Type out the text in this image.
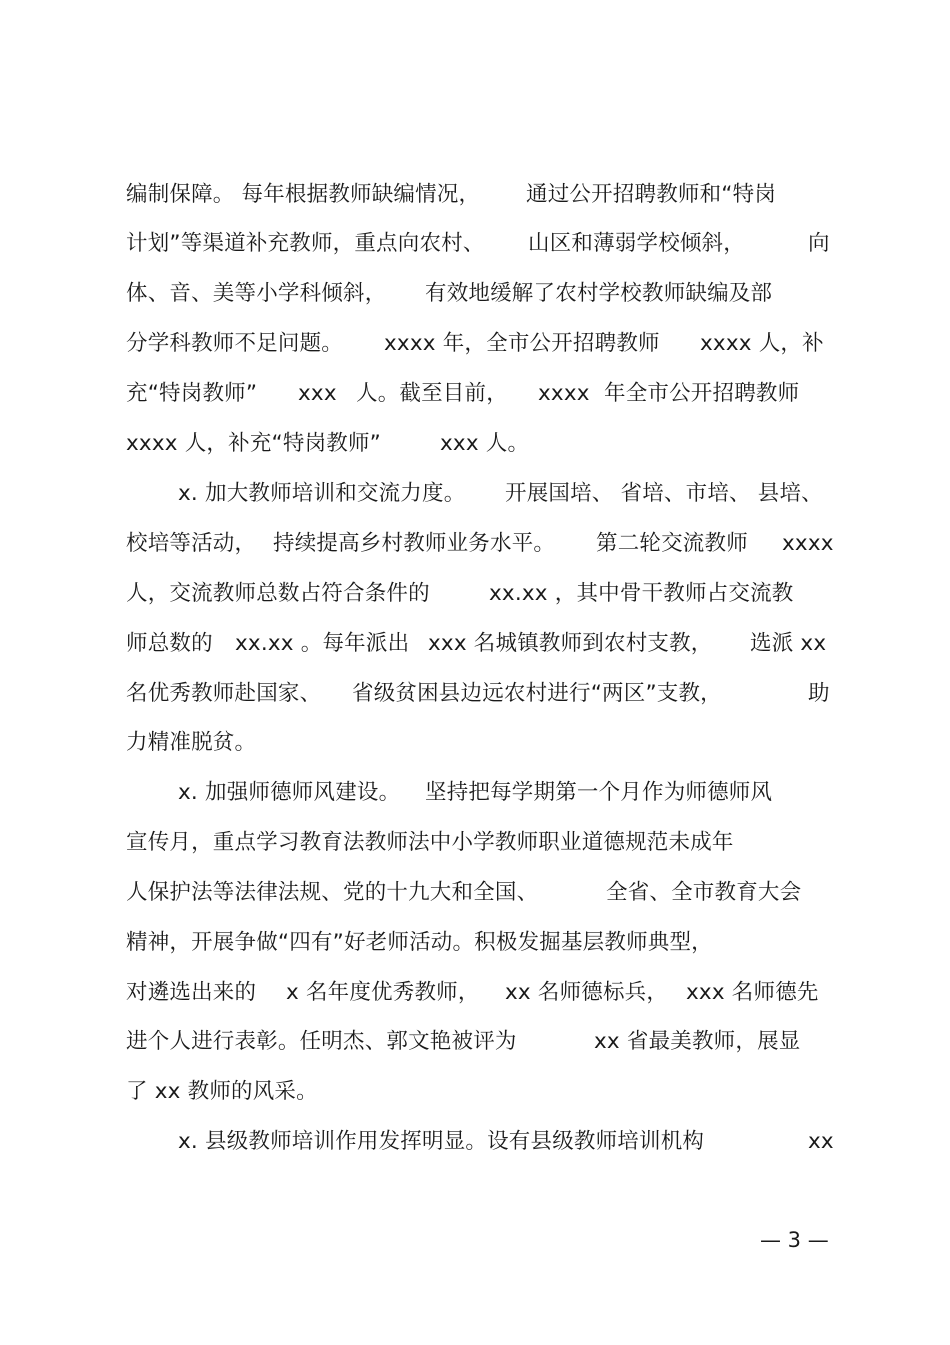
编制保障。 每年根据教师缺编情况，

通过公开招聘教师和“特岗

计划”等渠道补充教师，重点向农村、

山区和薄弱学校倾斜，

	向

体、音、美等小学科倾斜，

有效地缓解了农村学校教师缺编及部

分学科教师不足问题。

xxxx 年，全市公开招聘教师

xxxx 人，补

充“特岗教师”

xxx

人。截至目前，

xxxx

年全市公开招聘教师

xxxx 人，补充“特岗教师”

	xxx 人。

x. 加大教师培训和交流力度。

开展国培、 省培、市培、 县培、

校培等活动，

持续提高乡村教师业务水平。

第二轮交流教师

xxxx

人，交流教师总数占符合条件的

	xx.xx ，其中骨干教师占交流教

师总数的

xx.xx 。每年派出

xxx 名城镇教师到农村支教，

选派 xx

名优秀教师赴国家、

省级贫困县边远农村进行“两区”支教，

	助

力精准脱贫。

x. 加强师德师风建设。

坚持把每学期第一个月作为师德师风

宣传月，重点学习教育法教师法中小学教师职业道德规范未成年

人保护法等法律法规、党的十九大和全国、

	全省、全市教育大会

精神，开展争做“四有”好老师活动。积极发掘基层教师典型，

对遴选出来的

x 名年度优秀教师，

xx 名师德标兵，

xxx 名师德先

进个人进行表彰。任明杰、郭文艳被评为

	xx 省最美教师，展显

了 xx 教师的风采。

x. 县级教师培训作用发挥明显。设有县级教师培训机构

	xx

— 3 —
